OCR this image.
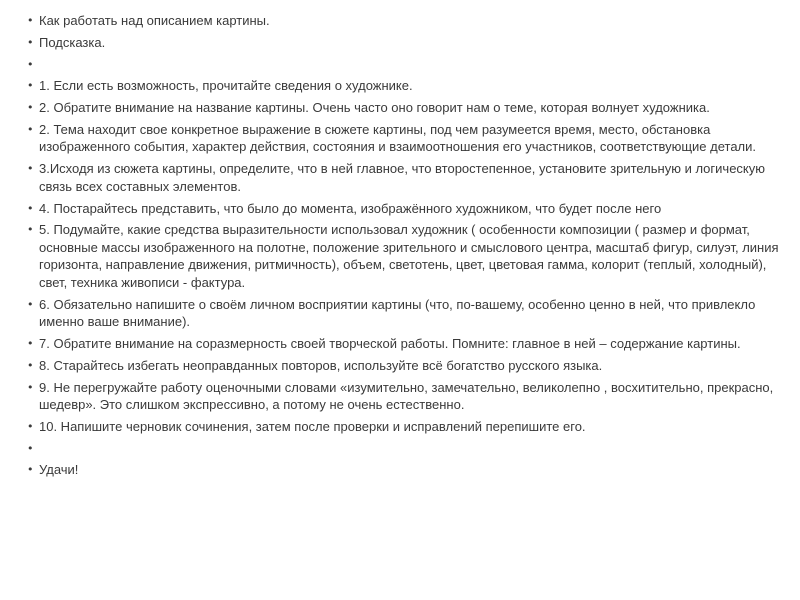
• Как работать над описанием картины.
• Подсказка.
•
• 1. Если есть возможность, прочитайте сведения о художнике.
• 2. Обратите внимание на название картины. Очень часто оно говорит нам о теме, которая волнует художника.
• 2. Тема находит свое конкретное выражение в сюжете картины, под чем разумеется время, место, обстановка изображенного события, характер действия, состояния и взаимоотношения его участников, соответствующие детали.
• 3.Исходя из сюжета картины, определите, что в ней главное, что второстепенное, установите зрительную и логическую связь всех составных элементов.
• 4. Постарайтесь представить, что было до момента, изображённого художником, что будет после него
• 5. Подумайте, какие средства выразительности использовал художник ( особенности композиции ( размер и формат, основные массы изображенного на полотне, положение зрительного и смыслового центра, масштаб фигур, силуэт, линия горизонта, направление движения, ритмичность), объем, светотень, цвет, цветовая гамма, колорит (теплый, холодный), свет, техника живописи - фактура.
• 6. Обязательно напишите о своём личном восприятии картины (что, по-вашему, особенно ценно в ней, что привлекло именно ваше внимание).
• 7. Обратите внимание на соразмерность своей творческой работы. Помните: главное в ней – содержание картины.
• 8. Старайтесь избегать неоправданных повторов, используйте всё богатство русского языка.
• 9. Не перегружайте работу оценочными словами «изумительно, замечательно, великолепно , восхитительно, прекрасно, шедевр». Это слишком экспрессивно, а потому не очень естественно.
• 10. Напишите черновик сочинения, затем после проверки и исправлений перепишите его.
•
• Удачи!
